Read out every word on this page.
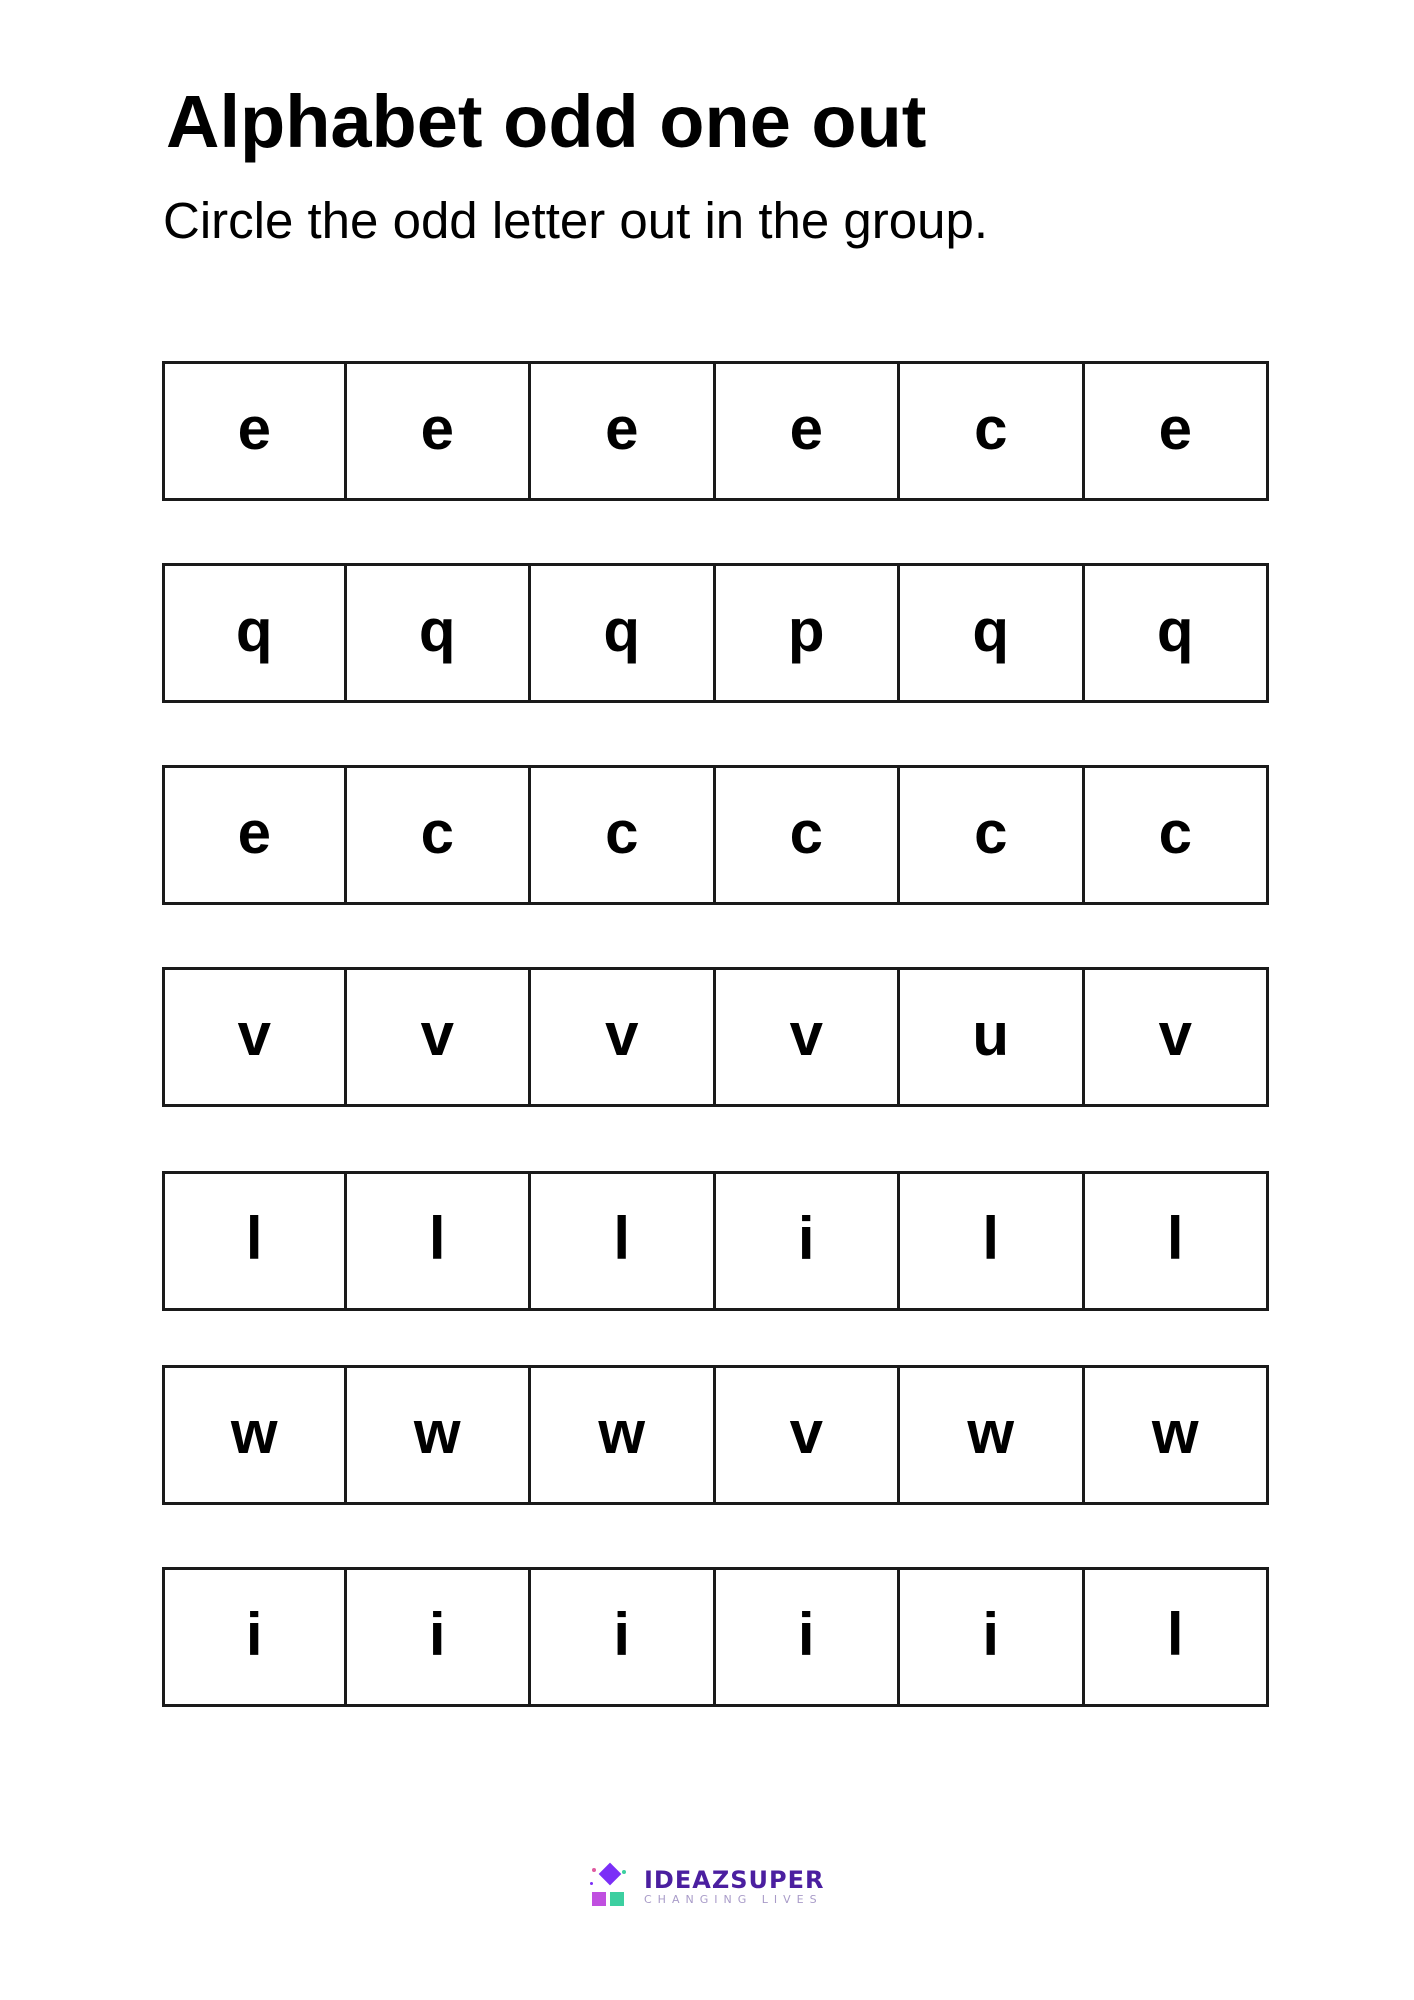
Alphabet odd one out

Circle the odd letter out in the group.

e e	e	e	c	e
q q q p q q
e c	c	c	c	c
v v	v	v u v
l	l	l	i	l	l
w w w v w w
i	i	i	i	i	l
IDEAZSUPER
CHANGING LIVES
